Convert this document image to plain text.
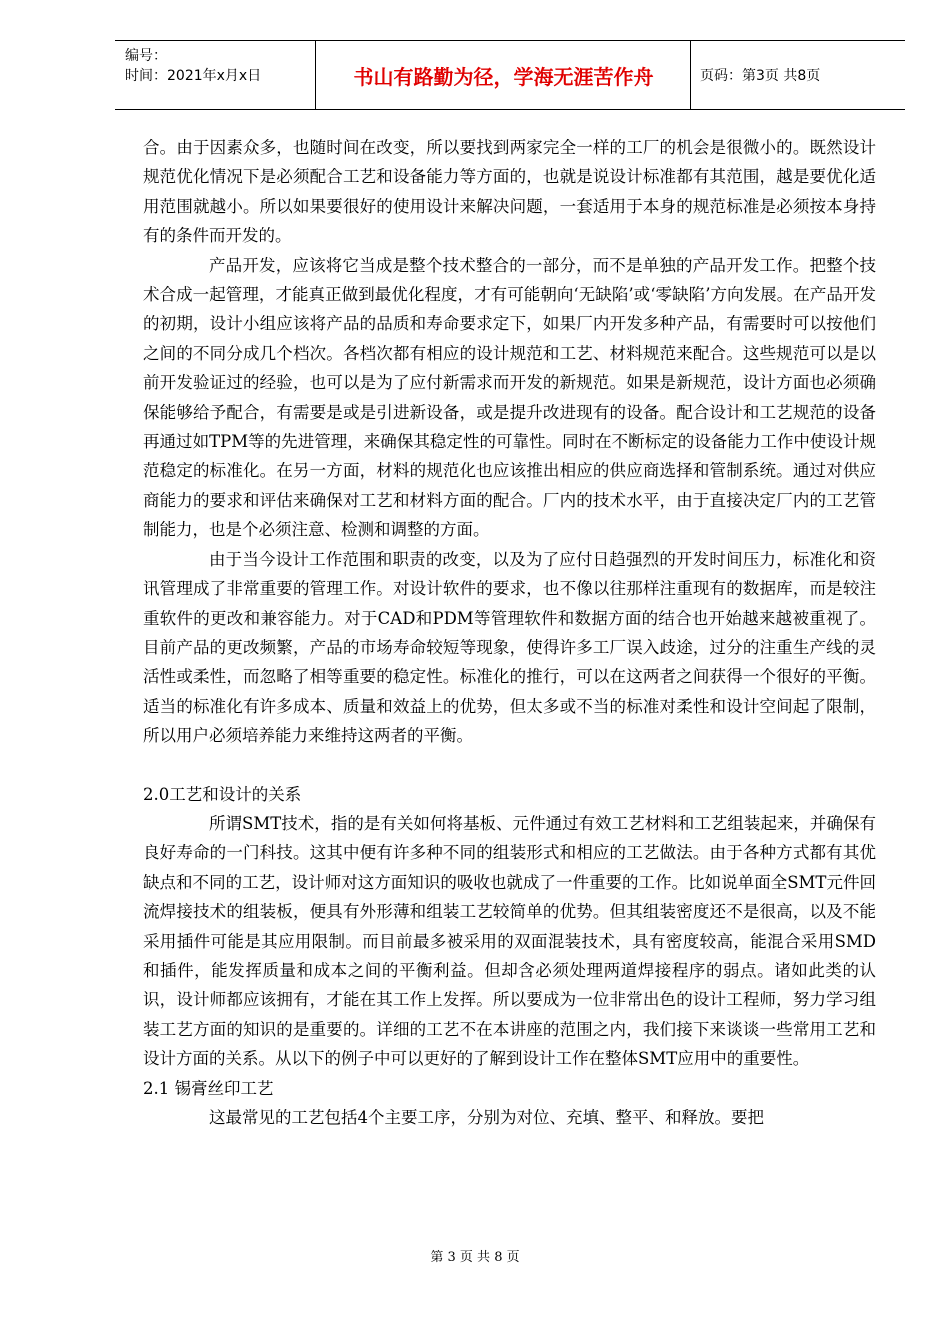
编号：
时间：2021年x月x日	书山有路勤为径，学海无涯苦作舟	页码：第3页 共8页

合。由于因素众多，也随时间在改变，所以要找到两家完全一样的工厂的机会是很微小的。既然设计规范优化情况下是必须配合工艺和设备能力等方面的，也就是说设计标准都有其范围，越是要优化适用范围就越小。所以如果要很好的使用设计来解决问题，一套适用于本身的规范标准是必须按本身持有的条件而开发的。

产品开发，应该将它当成是整个技术整合的一部分，而不是单独的产品开发工作。把整个技术合成一起管理，才能真正做到最优化程度，才有可能朝向‘无缺陷’或‘零缺陷’方向发展。在产品开发的初期，设计小组应该将产品的品质和寿命要求定下，如果厂内开发多种产品，有需要时可以按他们之间的不同分成几个档次。各档次都有相应的设计规范和工艺、材料规范来配合。这些规范可以是以前开发验证过的经验，也可以是为了应付新需求而开发的新规范。如果是新规范，设计方面也必须确保能够给予配合，有需要是或是引进新设备，或是提升改进现有的设备。配合设计和工艺规范的设备再通过如TPM等的先进管理，来确保其稳定性的可靠性。同时在不断标定的设备能力工作中使设计规范稳定的标准化。在另一方面，材料的规范化也应该推出相应的供应商选择和管制系统。通过对供应商能力的要求和评估来确保对工艺和材料方面的配合。厂内的技术水平，由于直接决定厂内的工艺管制能力，也是个必须注意、检测和调整的方面。

由于当今设计工作范围和职责的改变，以及为了应付日趋强烈的开发时间压力，标准化和资讯管理成了非常重要的管理工作。对设计软件的要求，也不像以往那样注重现有的数据库，而是较注重软件的更改和兼容能力。对于CAD和PDM等管理软件和数据方面的结合也开始越来越被重视了。目前产品的更改频繁，产品的市场寿命较短等现象，使得许多工厂误入歧途，过分的注重生产线的灵活性或柔性，而忽略了相等重要的稳定性。标准化的推行，可以在这两者之间获得一个很好的平衡。适当的标准化有许多成本、质量和效益上的优势，但太多或不当的标准对柔性和设计空间起了限制，所以用户必须培养能力来维持这两者的平衡。

2.0工艺和设计的关系

所谓SMT技术，指的是有关如何将基板、元件通过有效工艺材料和工艺组装起来，并确保有良好寿命的一门科技。这其中便有许多种不同的组装形式和相应的工艺做法。由于各种方式都有其优缺点和不同的工艺，设计师对这方面知识的吸收也就成了一件重要的工作。比如说单面全SMT元件回流焊接技术的组装板，便具有外形薄和组装工艺较简单的优势。但其组装密度还不是很高，以及不能采用插件可能是其应用限制。而目前最多被采用的双面混装技术，具有密度较高，能混合采用SMD和插件，能发挥质量和成本之间的平衡利益。但却含必须处理两道焊接程序的弱点。诸如此类的认识，设计师都应该拥有，才能在其工作上发挥。所以要成为一位非常出色的设计工程师，努力学习组装工艺方面的知识的是重要的。详细的工艺不在本讲座的范围之内，我们接下来谈谈一些常用工艺和设计方面的关系。从以下的例子中可以更好的了解到设计工作在整体SMT应用中的重要性。

2.1 锡膏丝印工艺

这最常见的工艺包括4个主要工序，分别为对位、充填、整平、和释放。要把

第 3 页 共 8 页
